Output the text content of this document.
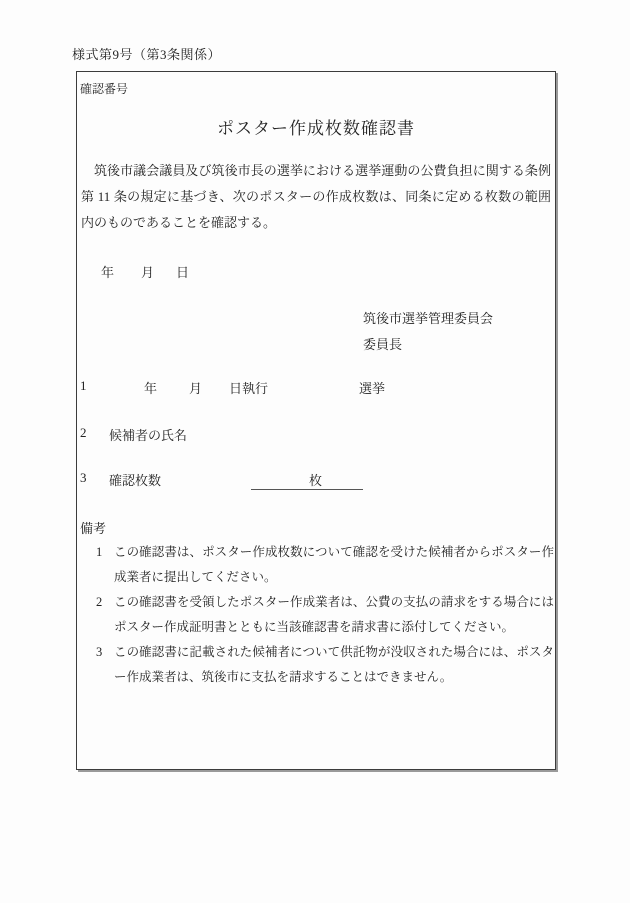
様式第9号（第3条関係）
確認番号
ポスター作成枚数確認書

筑後市議会議員及び筑後市長の選挙における選挙運動の公費負担に関する条例第 11 条の規定に基づき、次のポスターの作成枚数は、同条に定める枚数の範囲内のものであることを確認する。

年 月 日
筑後市選挙管理委員会
委員長
1	年 月 日執行	選挙
2 候補者の氏名
3 確認枚数	枚
備考
1 この確認書は、ポスター作成枚数について確認を受けた候補者からポスター作成業者に提出してください。
2 この確認書を受領したポスター作成業者は、公費の支払の請求をする場合にはポスター作成証明書とともに当該確認書を請求書に添付してください。
3 この確認書に記載された候補者について供託物が没収された場合には、ポスター作成業者は、筑後市に支払を請求することはできません。
